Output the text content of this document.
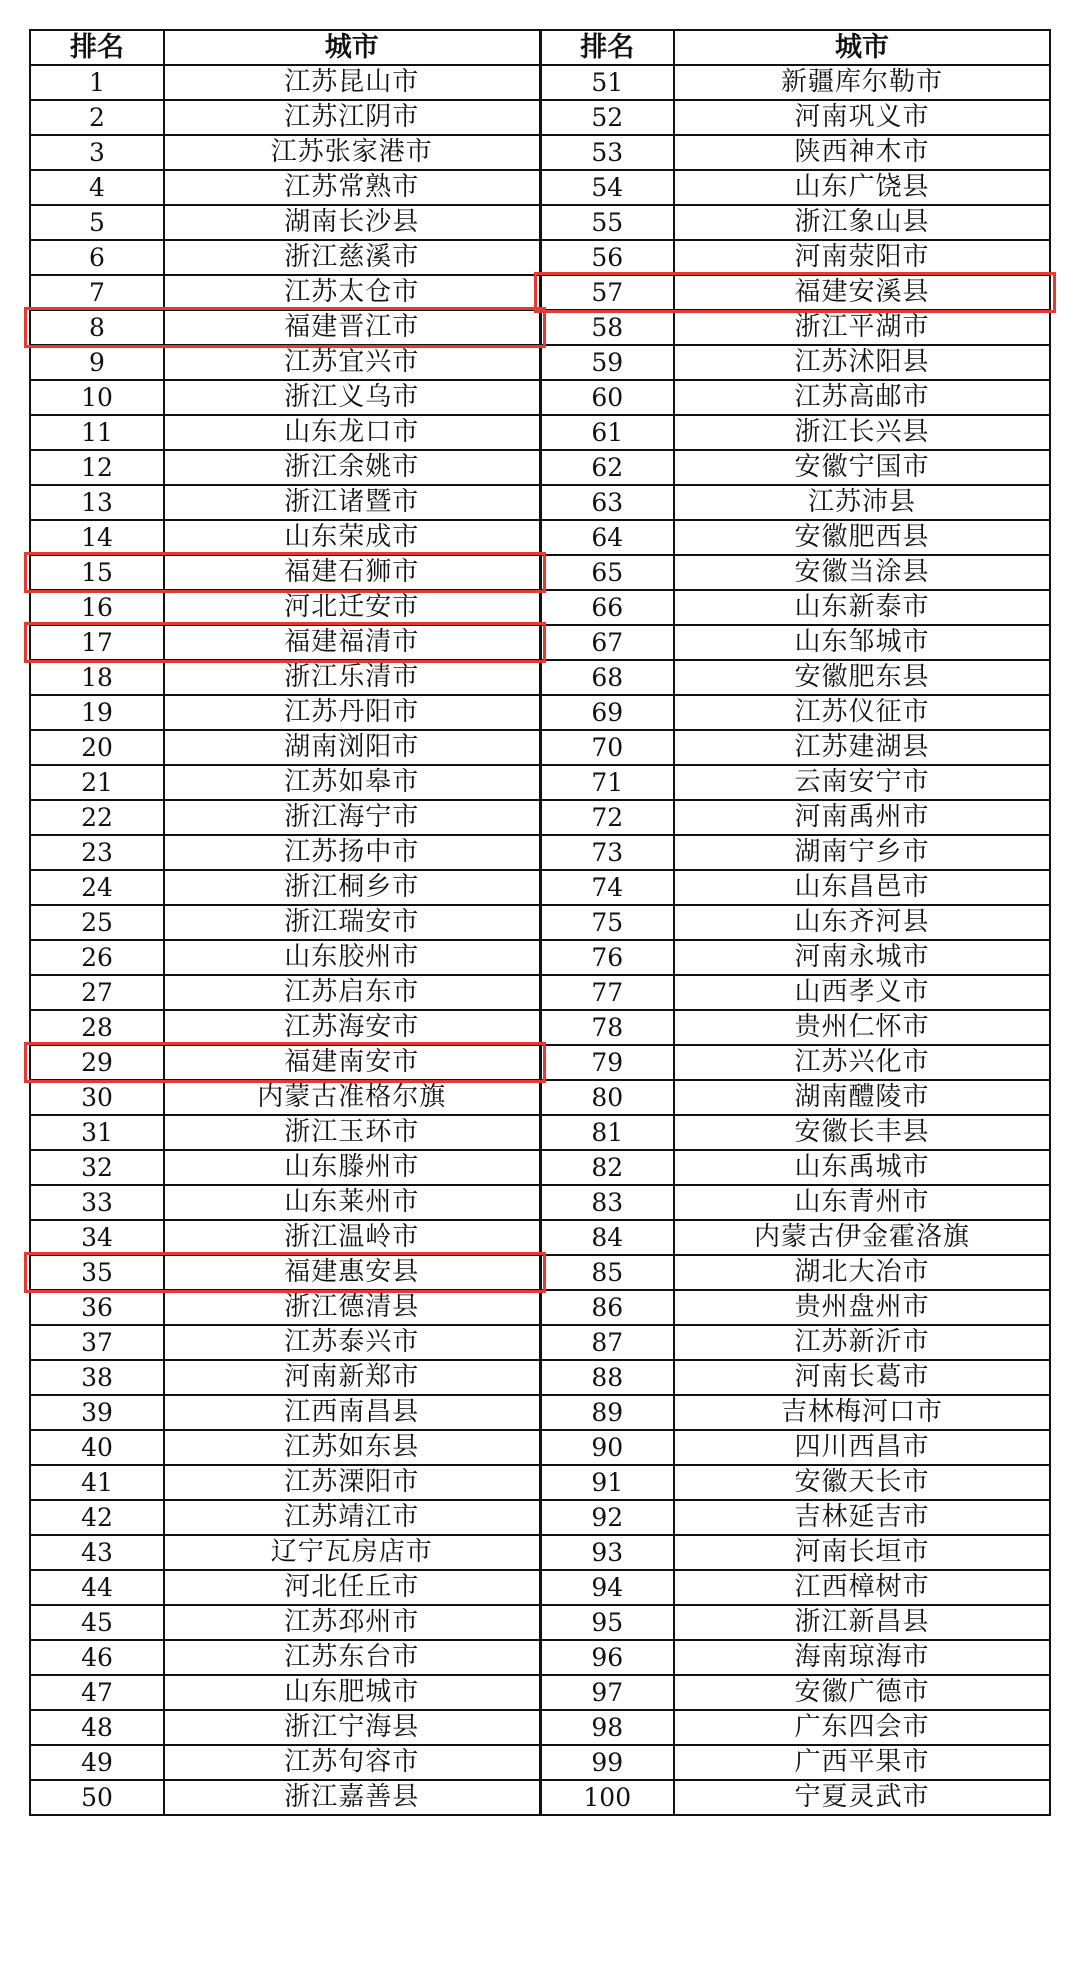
排名	城市	排名	城市
1	江苏昆山市	51	新疆库尔勒市
2	江苏江阴市	52	河南巩义市
3	江苏张家港市	53	陕西神木市
4	江苏常熟市	54	山东广饶县
5	湖南长沙县	55	浙江象山县
6	浙江慈溪市	56	河南荥阳市
7	江苏太仓市	57	福建安溪县
8	福建晋江市	58	浙江平湖市
9	江苏宜兴市	59	江苏沭阳县
10	浙江义乌市	60	江苏高邮市
11	山东龙口市	61	浙江长兴县
12	浙江余姚市	62	安徽宁国市
13	浙江诸暨市	63	江苏沛县
14	山东荣成市	64	安徽肥西县
15	福建石狮市	65	安徽当涂县
16	河北迁安市	66	山东新泰市
17	福建福清市	67	山东邹城市
18	浙江乐清市	68	安徽肥东县
19	江苏丹阳市	69	江苏仪征市
20	湖南浏阳市	70	江苏建湖县
21	江苏如皋市	71	云南安宁市
22	浙江海宁市	72	河南禹州市
23	江苏扬中市	73	湖南宁乡市
24	浙江桐乡市	74	山东昌邑市
25	浙江瑞安市	75	山东齐河县
26	山东胶州市	76	河南永城市
27	江苏启东市	77	山西孝义市
28	江苏海安市	78	贵州仁怀市
29	福建南安市	79	江苏兴化市
30	内蒙古准格尔旗	80	湖南醴陵市
31	浙江玉环市	81	安徽长丰县
32	山东滕州市	82	山东禹城市
33	山东莱州市	83	山东青州市
34	浙江温岭市	84	内蒙古伊金霍洛旗
35	福建惠安县	85	湖北大冶市
36	浙江德清县	86	贵州盘州市
37	江苏泰兴市	87	江苏新沂市
38	河南新郑市	88	河南长葛市
39	江西南昌县	89	吉林梅河口市
40	江苏如东县	90	四川西昌市
41	江苏溧阳市	91	安徽天长市
42	江苏靖江市	92	吉林延吉市
43	辽宁瓦房店市	93	河南长垣市
44	河北任丘市	94	江西樟树市
45	江苏邳州市	95	浙江新昌县
46	江苏东台市	96	海南琼海市
47	山东肥城市	97	安徽广德市
48	浙江宁海县	98	广东四会市
49	江苏句容市	99	广西平果市
50	浙江嘉善县	100	宁夏灵武市
